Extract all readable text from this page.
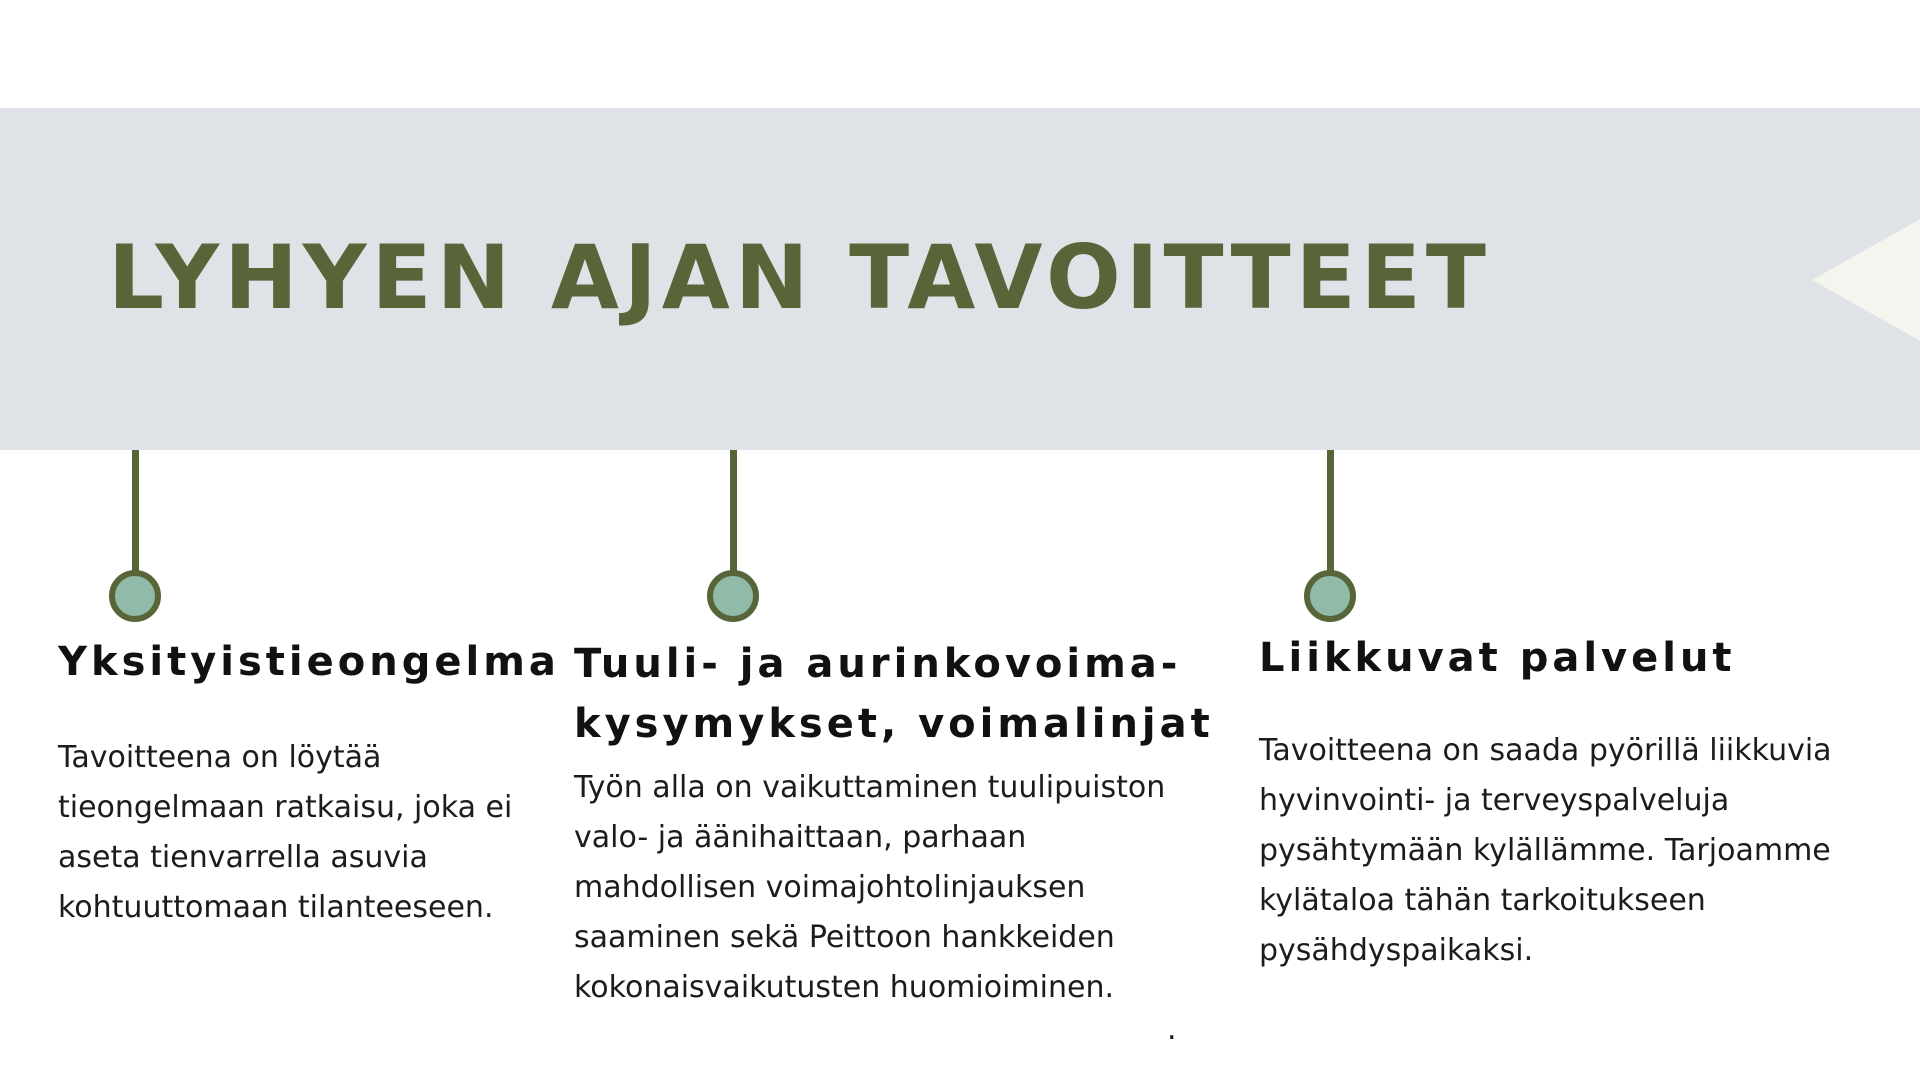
LYHYEN AJAN TAVOITTEET
Yksityistieongelma

Tavoitteena on löytää tieongelmaan ratkaisu, joka ei aseta tienvarrella asuvia kohtuuttomaan tilanteeseen.

Tuuli- ja aurinkovoima-kysymykset, voimalinjat

Työn alla on vaikuttaminen tuulipuiston valo- ja äänihaittaan, parhaan mahdollisen voimajohtolinjauksen saaminen sekä Peittoon hankkeiden kokonaisvaikutusten huomioiminen.

.
Liikkuvat palvelut

Tavoitteena on saada pyörillä liikkuvia hyvinvointi- ja terveyspalveluja pysähtymään kylällämme. Tarjoamme kylätaloa tähän tarkoitukseen pysähdyspaikaksi.
